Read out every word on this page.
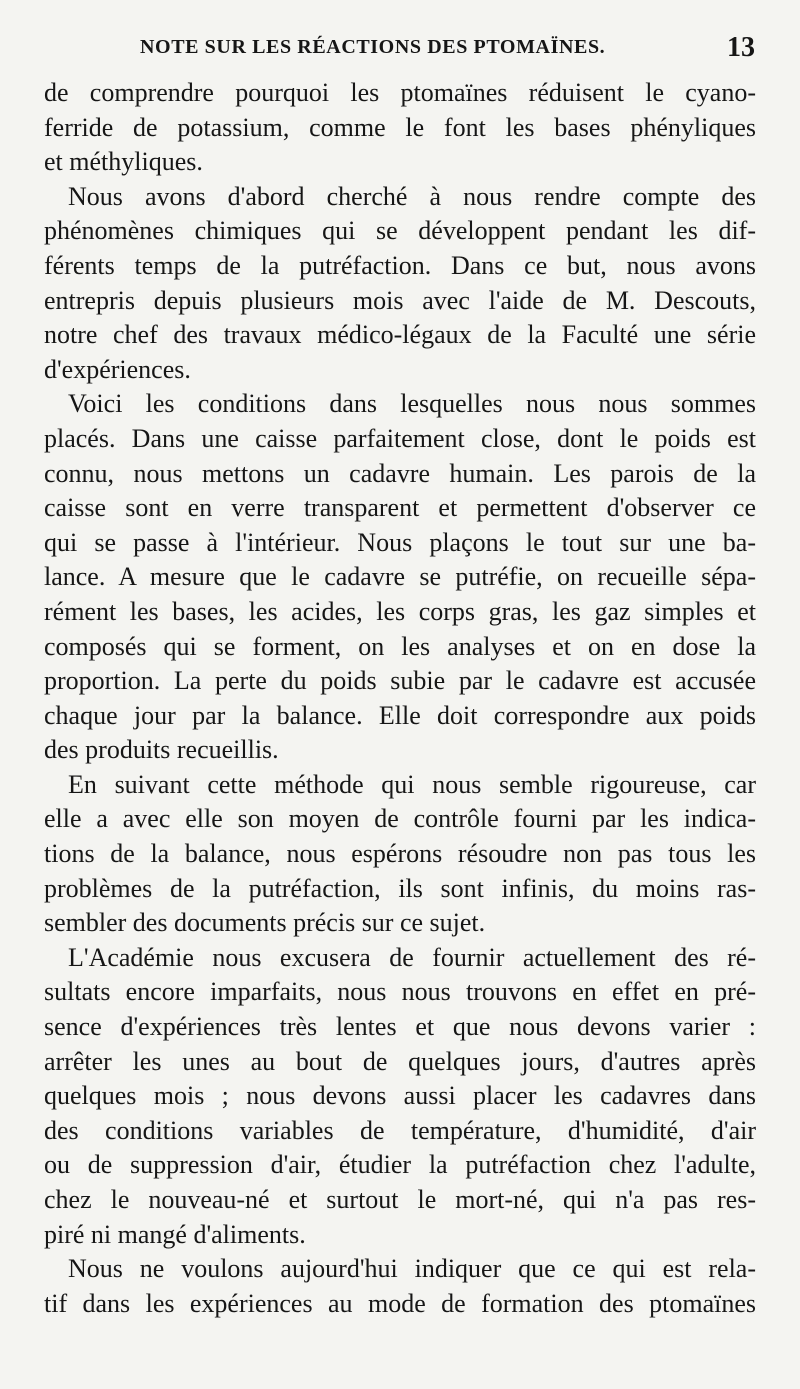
NOTE SUR LES RÉACTIONS DES PTOMAÏNES.	13
de comprendre pourquoi les ptomaïnes réduisent le cyano-
ferride de potassium, comme le font les bases phényliques
et méthyliques.
Nous avons d'abord cherché à nous rendre compte des
phénomènes chimiques qui se développent pendant les dif-
férents temps de la putréfaction. Dans ce but, nous avons
entrepris depuis plusieurs mois avec l'aide de M. Descouts,
notre chef des travaux médico-légaux de la Faculté une série
d'expériences.
Voici les conditions dans lesquelles nous nous sommes
placés. Dans une caisse parfaitement close, dont le poids est
connu, nous mettons un cadavre humain. Les parois de la
caisse sont en verre transparent et permettent d'observer ce
qui se passe à l'intérieur. Nous plaçons le tout sur une ba-
lance. A mesure que le cadavre se putréfie, on recueille sépa-
rément les bases, les acides, les corps gras, les gaz simples et
composés qui se forment, on les analyses et on en dose la
proportion. La perte du poids subie par le cadavre est accusée
chaque jour par la balance. Elle doit correspondre aux poids
des produits recueillis.
En suivant cette méthode qui nous semble rigoureuse, car
elle a avec elle son moyen de contrôle fourni par les indica-
tions de la balance, nous espérons résoudre non pas tous les
problèmes de la putréfaction, ils sont infinis, du moins ras-
sembler des documents précis sur ce sujet.
L'Académie nous excusera de fournir actuellement des ré-
sultats encore imparfaits, nous nous trouvons en effet en pré-
sence d'expériences très lentes et que nous devons varier :
arrêter les unes au bout de quelques jours, d'autres après
quelques mois ; nous devons aussi placer les cadavres dans
des conditions variables de température, d'humidité, d'air
ou de suppression d'air, étudier la putréfaction chez l'adulte,
chez le nouveau-né et surtout le mort-né, qui n'a pas res-
piré ni mangé d'aliments.
Nous ne voulons aujourd'hui indiquer que ce qui est rela-
tif dans les expériences au mode de formation des ptomaïnes
